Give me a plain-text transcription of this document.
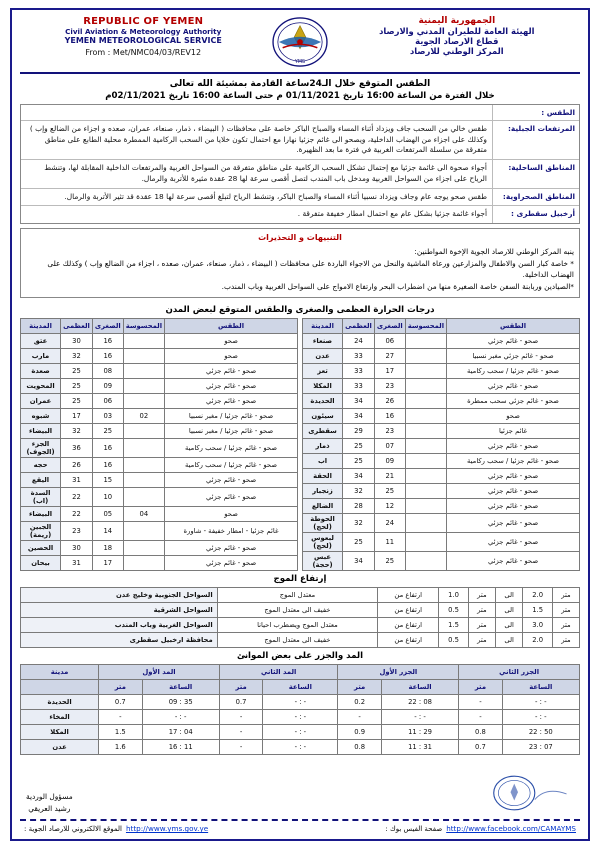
REPUBLIC OF YEMEN
Civil Aviation & Meteorology Authority
YEMEN METEOROLOGICAL SERVICE
From : Met/NMC04/03/REV12
YMS
الجمهورية اليمنية
الهيئة العامة للطيران المدني والارصاد
قطاع الارصاد الجوية
المركز الوطني للارصاد
الطقس المتوقع خلال الـ24ساعة القادمة بمشيئة الله تعالى
خلال الفترة من الساعة 16:00 تاريخ 01/11/2021 م حتى الساعة 16:00 تاريخ 02/11/2021م
الطقس :
المرتفعات الجبلية:
طقس خالي من السحب جاف ويزداد أثناء المساء والصباح الباكر خاصة على محافظات ( البيضاء ، ذمار، صنعاء، عمران، صعده و اجزاء من الضالع وإب ) وكذلك على اجزاء من الهضاب الداخلية، ويصحو الى غائم جزئيا نهارا مع احتمال تكون خلايا من السحب الركامية الممطرة محلية الطابع على مناطق متفرقة من سلسلة المرتفعات الغربية في فترة ما بعد الظهيرة.
المناطق الساحلية:
أجواء صحوة الى غائمة جزئيا مع إحتمال تشكل السحب الركامية على مناطق متفرقة من السواحل الغربية والمرتفعات الداخلية المقابلة لها، وتنشط الرياح على اجزاء من السواحل الغربية ومدخل باب المندب لتصل أقصى سرعة لها 28 عقدة مثيرة للأتربة والرمال.
المناطق الصحراوية:
طقس صحو يوجه عام وجاف ويزداد نسبيا أثناء المساء والصباح الباكر، وتنشط الرياح لتبلغ أقصى سرعة لها 18 عقدة قد تثير الأتربة والرمال.
أرخبيل سقطرى :
أجواء غائمة جزئيا بشكل عام مع احتمال امطار خفيفة متفرقة .
التنبيهات و التحذيرات
ينبه المركز الوطني للارصاد الجوية الإخوة المواطنين:
* خاصة كبار السن والاطفال والمزارعين ورعاة الماشية والنحل من الاجواء الباردة على محافظات ( البيضاء ، ذمار، صنعاء، عمران، صعده ، اجزاء من الضالع وإب ) وكذلك على الهضاب الداخلية.
*الصيادين وربابنة السفن خاصة الصغيرة منها من اضطراب البحر وارتفاع الامواج على السواحل الغربية وباب المندب.
درجات الحرارة العظمى والصغرى والطقس المتوقع لبعض المدن
الطقس	المحسوسة	الصغرى	العظمى	المدينة
صحو		16	30	عتق
صحو		16	32	مارب
صحو - غائم جزئي		08	25	صعدة
صحو - غائم جزئي		09	25	المحويت
صحو - غائم جزئي		06	25	عمران
صحو - غائم جزئيا / مغبر نسبيا	02	03	17	شبوه
صحو - غائم جزئيا / مغبر نسبيا		25	32	البيضاء
صحو - غائم جزئيا / سحب ركامية		16	36	الجزء (الجوف)
صحو - غائم جزئيا / سحب ركامية		16	26	حجه
صحو - غائم جزئي		15	31	اليقع
صحو - غائم جزئي		10	22	السدة (اب)
صحو	04	05	22	البيضاء
غائم جزئيا - امطار خفيفة - شاورة		14	23	الجبين (ريمة)
صحو - غائم جزئي		18	30	الحصين
صحو - غائم جزئي		17	31	بيحان
الطقس	المحسوسة	الصغرى	العظمى	المدينة
صحو - غائم جزئي		06	24	صنعاء
صحو - غائم جزئي مغبر نسبيا		27	33	عدن
صحو - غائم جزئيا / سحب ركامية		17	33	تعز
صحو - غائم جزئي		23	33	المكلا
صحو - غائم جزئي سحب ممطرة		26	34	الحديدة
صحو		16	34	سيئون
غائم جزئيا		23	29	سقطرى
صحو - غائم جزئي		07	25	ذمار
صحو - غائم جزئيا / سحب ركامية		09	25	اب
صحو - غائم جزئي		21	34	الحقة
صحو - غائم جزئي		25	32	زنجبار
صحو - غائم جزئي		12	28	الضالع
صحو - غائم جزئي		24	32	الحوطة (لحج)
صحو - غائم جزئي		11	25	لبعوس (لحج)
صحو - غائم جزئي		25	34	عبس (حجة)
إرتفاع الموج
متر	2.0	الى	متر	1.0	ارتفاع من	معتدل الموج	السواحل الجنوبية وخليج عدن
متر	1.5	الى	متر	0.5	ارتفاع من	خفيف الى معتدل الموج	السواحل الشرقية
متر	3.0	الى	متر	1.5	ارتفاع من	معتدل الموج ويضطرب احيانا	السواحل الغربية وباب المندب
متر	2.0	الى	متر	0.5	ارتفاع من	خفيف الى معتدل الموج	محافظة ارخبيل سقطرى
المد والجزر على بعض الموانئ
الجزر الثاني		الجزر الأول		المد الثاني		المد الأول		مدينة
الساعة	متر	الساعة	متر	الساعة	متر	الساعة	متر	
- : -	-	08 : 22	0.2	- : -	0.7	35 : 09	0.7	الحديدة
- : -	-	- : -	-	- : -	-	- : -	-	المخاء
50 : 22	0.8	29 : 11	0.9	- : -	-	04 : 17	1.5	المكلا
07 : 23	0.7	31 : 11	0.8	- : -	-	11 : 16	1.6	عدن
مسؤول الوردية
رشيد العريقي
http://www.facebook.com/CAMAYMS
صفحة الفيس بوك :
http://www.yms.gov.ye
الموقع الالكتروني للارصاد الجوية :
